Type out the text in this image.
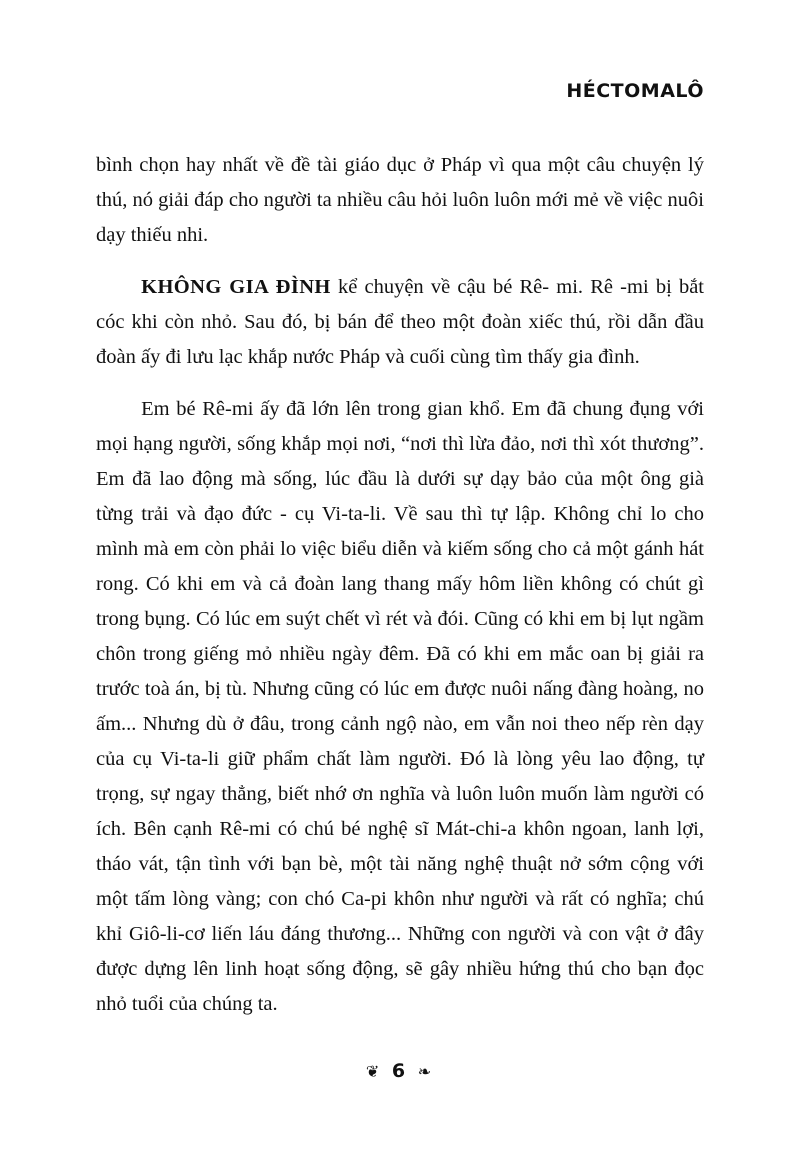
HÉCTOMALÔ

bình chọn hay nhất về đề tài giáo dục ở Pháp vì qua một câu chuyện lý thú, nó giải đáp cho người ta nhiều câu hỏi luôn luôn mới mẻ về việc nuôi dạy thiếu nhi.

KHÔNG GIA ĐÌNH kể chuyện về cậu bé Rê- mi. Rê -mi bị bắt cóc khi còn nhỏ. Sau đó, bị bán để theo một đoàn xiếc thú, rồi dẫn đầu đoàn ấy đi lưu lạc khắp nước Pháp và cuối cùng tìm thấy gia đình.

Em bé Rê-mi ấy đã lớn lên trong gian khổ. Em đã chung đụng với mọi hạng người, sống khắp mọi nơi, “nơi thì lừa đảo, nơi thì xót thương”. Em đã lao động mà sống, lúc đầu là dưới sự dạy bảo của một ông già từng trải và đạo đức - cụ Vi-ta-li. Về sau thì tự lập. Không chỉ lo cho mình mà em còn phải lo việc biểu diễn và kiếm sống cho cả một gánh hát rong. Có khi em và cả đoàn lang thang mấy hôm liền không có chút gì trong bụng. Có lúc em suýt chết vì rét và đói. Cũng có khi em bị lụt ngầm chôn trong giếng mỏ nhiều ngày đêm. Đã có khi em mắc oan bị giải ra trước toà án, bị tù. Nhưng cũng có lúc em được nuôi nấng đàng hoàng, no ấm... Nhưng dù ở đâu, trong cảnh ngộ nào, em vẫn noi theo nếp rèn dạy của cụ Vi-ta-li giữ phẩm chất làm người. Đó là lòng yêu lao động, tự trọng, sự ngay thẳng, biết nhớ ơn nghĩa và luôn luôn muốn làm người có ích. Bên cạnh Rê-mi có chú bé nghệ sĩ Mát-chi-a khôn ngoan, lanh lợi, tháo vát, tận tình với bạn bè, một tài năng nghệ thuật nở sớm cộng với một tấm lòng vàng; con chó Ca-pi khôn như người và rất có nghĩa; chú khỉ Giô-li-cơ liến láu đáng thương... Những con người và con vật ở đây được dựng lên linh hoạt sống động, sẽ gây nhiều hứng thú cho bạn đọc nhỏ tuổi của chúng ta.

❦ 6 ❧
